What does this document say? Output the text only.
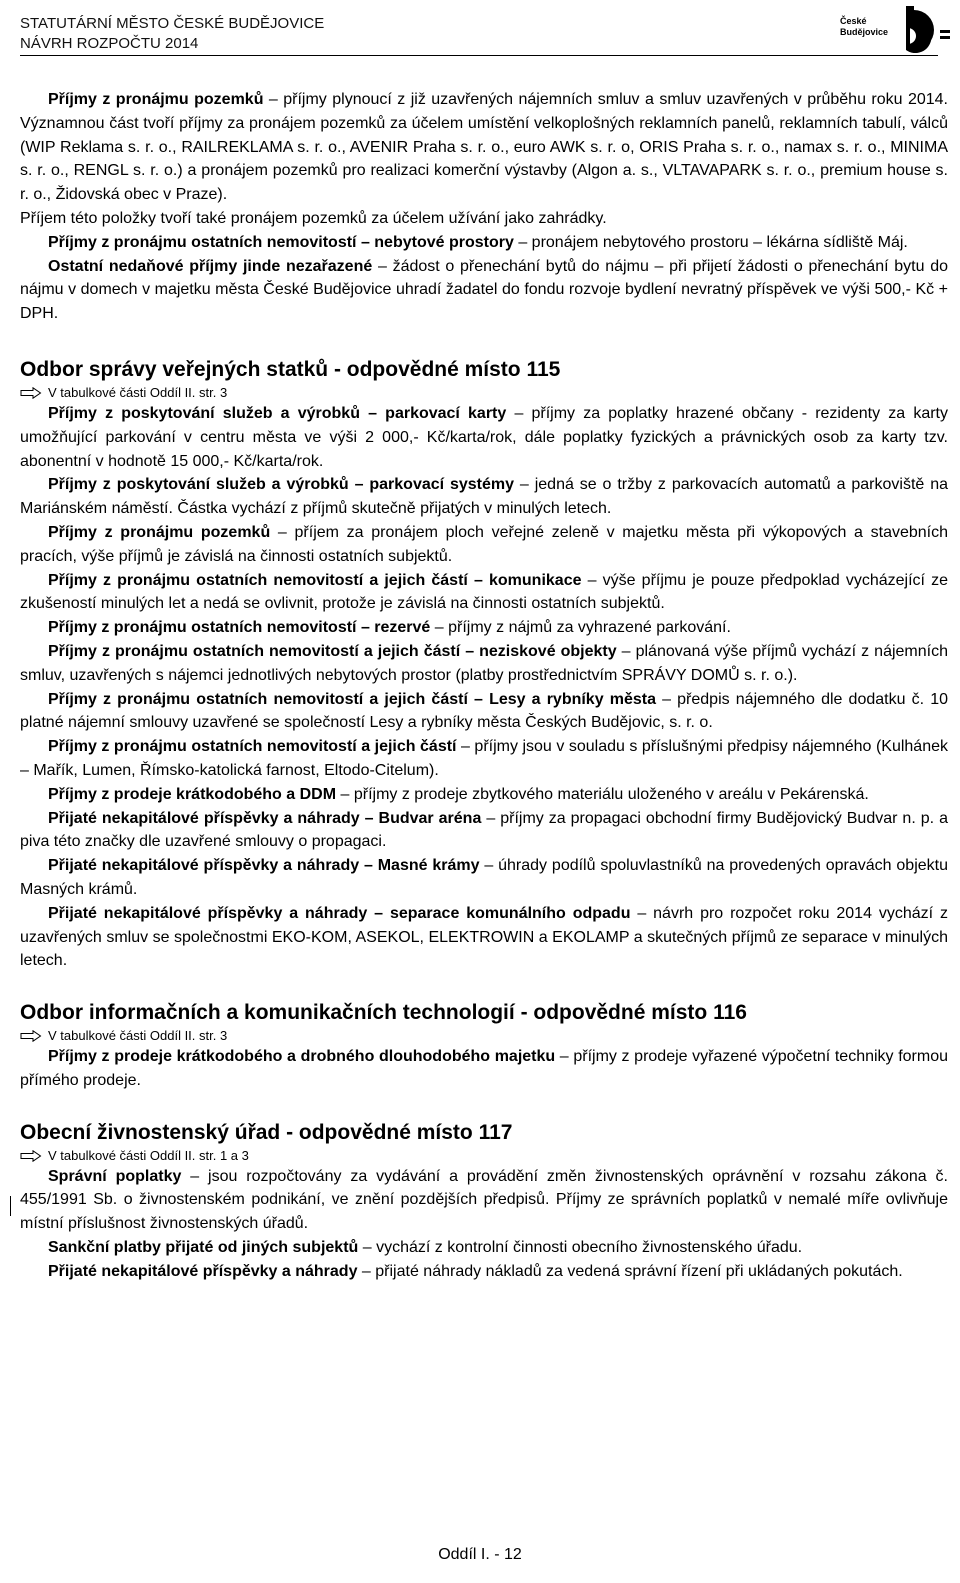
STATUTÁRNÍ MĚSTO ČESKÉ BUDĚJOVICE
NÁVRH ROZPOČTU 2014
České
Budějovice

Příjmy z pronájmu pozemků – příjmy plynoucí z již uzavřených nájemních smluv a smluv uzavřených v průběhu roku 2014. Významnou část tvoří příjmy za pronájem pozemků za účelem umístění velkoplošných reklamních panelů, reklamních tabulí, válců (WIP Reklama s. r. o., RAILREKLAMA s. r. o., AVENIR Praha s. r. o., euro AWK s. r. o, ORIS Praha s. r. o., namax s. r. o., MINIMA s. r. o., RENGL s. r. o.) a pronájem pozemků pro realizaci komerční výstavby (Algon a. s., VLTAVAPARK s. r. o., premium house s. r. o., Židovská obec v Praze).

Příjem této položky tvoří také pronájem pozemků za účelem užívání jako zahrádky.

Příjmy z pronájmu ostatních nemovitostí – nebytové prostory – pronájem nebytového prostoru – lékárna sídliště Máj.

Ostatní nedaňové příjmy jinde nezařazené – žádost o přenechání bytů do nájmu – při přijetí žádosti o přenechání bytu do nájmu v domech v majetku města České Budějovice uhradí žadatel do fondu rozvoje bydlení nevratný příspěvek ve výši 500,- Kč + DPH.

Odbor správy veřejných statků - odpovědné místo 115
V tabulkové části Oddíl II. str. 3

Příjmy z poskytování služeb a výrobků – parkovací karty – příjmy za poplatky hrazené občany - rezidenty za karty umožňující parkování v centru města ve výši 2 000,- Kč/karta/rok, dále poplatky fyzických a právnických osob za karty tzv. abonentní v hodnotě 15 000,- Kč/karta/rok.

Příjmy z poskytování služeb a výrobků – parkovací systémy – jedná se o tržby z parkovacích automatů a parkoviště na Mariánském náměstí. Částka vychází z příjmů skutečně přijatých v minulých letech.

Příjmy z pronájmu pozemků – příjem za pronájem ploch veřejné zeleně v majetku města při výkopových a stavebních pracích, výše příjmů je závislá na činnosti ostatních subjektů.

Příjmy z pronájmu ostatních nemovitostí a jejich částí – komunikace – výše příjmu je pouze předpoklad vycházející ze zkušeností minulých let a nedá se ovlivnit, protože je závislá na činnosti ostatních subjektů.

Příjmy z pronájmu ostatních nemovitostí – rezervé – příjmy z nájmů za vyhrazené parkování.

Příjmy z pronájmu ostatních nemovitostí a jejich částí – neziskové objekty – plánovaná výše příjmů vychází z nájemních smluv, uzavřených s nájemci jednotlivých nebytových prostor (platby prostřednictvím SPRÁVY DOMŮ s. r. o.).

Příjmy z pronájmu ostatních nemovitostí a jejich částí – Lesy a rybníky města – předpis nájemného dle dodatku č. 10 platné nájemní smlouvy uzavřené se společností Lesy a rybníky města Českých Budějovic, s. r. o.

Příjmy z pronájmu ostatních nemovitostí a jejich částí – příjmy jsou v souladu s příslušnými předpisy nájemného (Kulhánek – Mařík, Lumen, Římsko-katolická farnost, Eltodo-Citelum).

Příjmy z prodeje krátkodobého a DDM – příjmy z prodeje zbytkového materiálu uloženého v areálu v Pekárenská.

Přijaté nekapitálové příspěvky a náhrady – Budvar aréna – příjmy za propagaci obchodní firmy Budějovický Budvar n. p. a piva této značky dle uzavřené smlouvy o propagaci.

Přijaté nekapitálové příspěvky a náhrady – Masné krámy – úhrady podílů spoluvlastníků na provedených opravách objektu Masných krámů.

Přijaté nekapitálové příspěvky a náhrady – separace komunálního odpadu – návrh pro rozpočet roku 2014 vychází z uzavřených smluv se společnostmi EKO-KOM, ASEKOL, ELEKTROWIN a EKOLAMP a skutečných příjmů ze separace v minulých letech.

Odbor informačních a komunikačních technologií - odpovědné místo 116
V tabulkové části Oddíl II. str. 3

Příjmy z prodeje krátkodobého a drobného dlouhodobého majetku – příjmy z prodeje vyřazené výpočetní techniky formou přímého prodeje.

Obecní živnostenský úřad - odpovědné místo 117
V tabulkové části Oddíl II. str. 1 a 3

Správní poplatky – jsou rozpočtovány za vydávání a provádění změn živnostenských oprávnění v rozsahu zákona č. 455/1991 Sb. o živnostenském podnikání, ve znění pozdějších předpisů. Příjmy ze správních poplatků v nemalé míře ovlivňuje místní příslušnost živnostenských úřadů.

Sankční platby přijaté od jiných subjektů – vychází z kontrolní činnosti obecního živnostenského úřadu.

Přijaté nekapitálové příspěvky a náhrady – přijaté náhrady nákladů za vedená správní řízení při ukládaných pokutách.

Oddíl I. - 12
